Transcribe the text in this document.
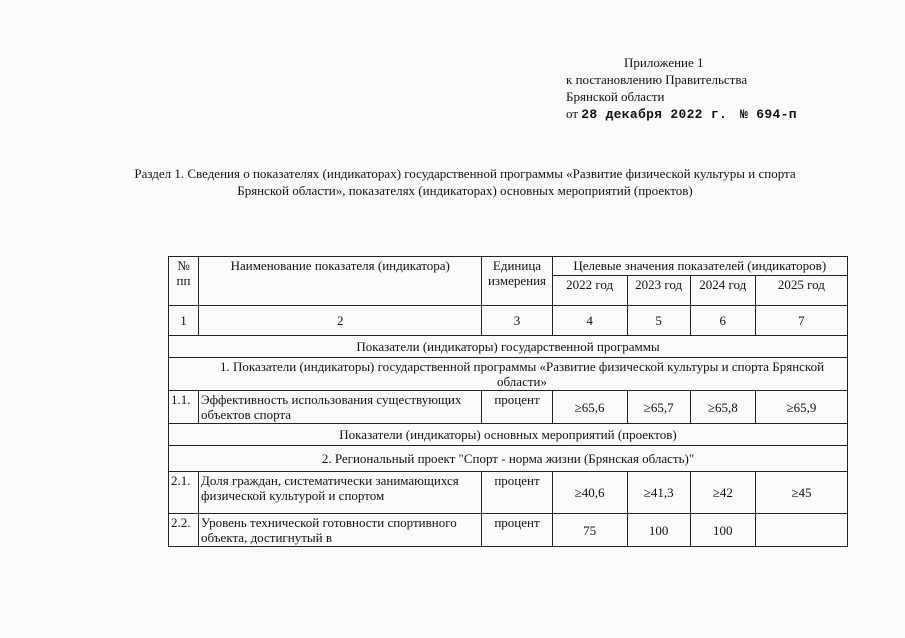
Приложение 1
к постановлению Правительства
Брянской области
от 28 декабря 2022 г. № 694-п
Раздел 1. Сведения о показателях (индикаторах) государственной программы «Развитие физической культуры и спорта
Брянской области», показателях (индикаторах) основных мероприятий (проектов)
№ пп	Наименование показателя (индикатора)	Единица измерения	Целевые значения показателей (индикаторов)			
			2022 год	2023 год	2024 год	2025 год
1	2	3	4	5	6	7
Показатели (индикаторы) государственной программы						
1. Показатели (индикаторы) государственной программы «Развитие физической культуры и спорта Брянской области»						
1.1.	Эффективность использования существующих объектов спорта	процент	≥65,6	≥65,7	≥65,8	≥65,9
Показатели (индикаторы) основных мероприятий (проектов)						
2. Региональный проект "Спорт - норма жизни (Брянская область)"						
2.1.	Доля граждан, систематически занимающихся физической культурой и спортом	процент	≥40,6	≥41,3	≥42	≥45
2.2.	Уровень технической готовности спортивного объекта, достигнутый в	процент	75	100	100	
